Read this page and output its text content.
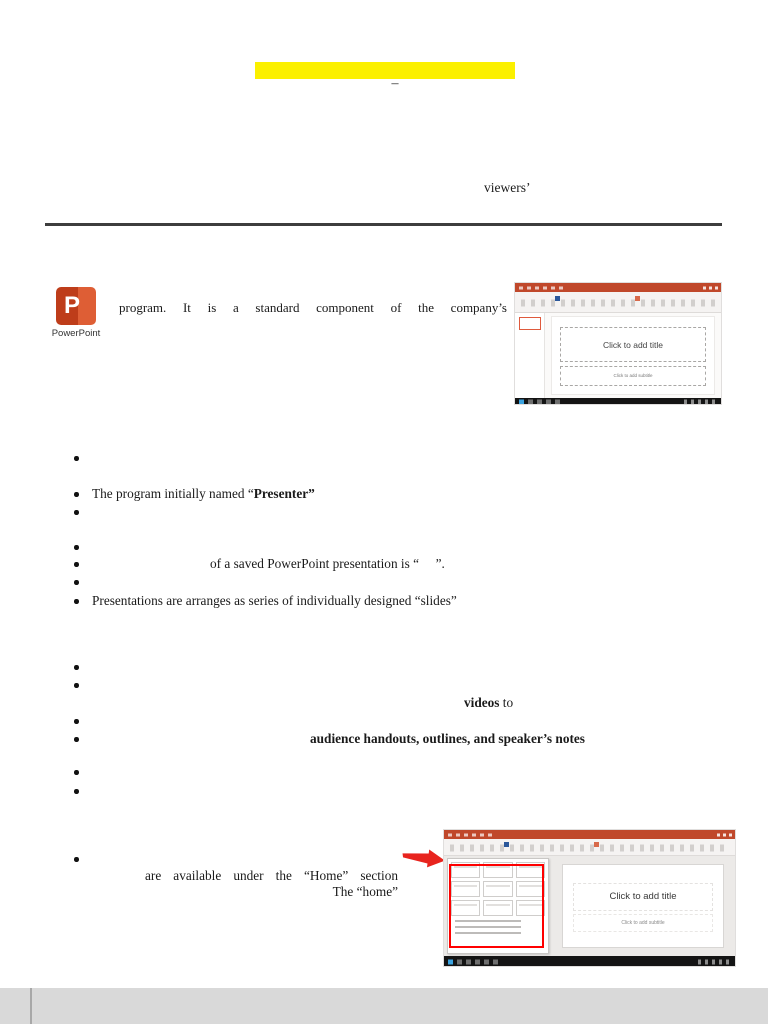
–
viewers’
P
PowerPoint
program. It is a standard component of the company’s
Click to add title
Click to add subtitle
The program initially named “Presenter”
of a saved PowerPoint presentation is “     ”.
Presentations are arranges as series of individually designed “slides”
videos to
audience handouts, outlines, and speaker’s notes
are available under the “Home” section
The “home”	Click to add title
Click to add subtitle
